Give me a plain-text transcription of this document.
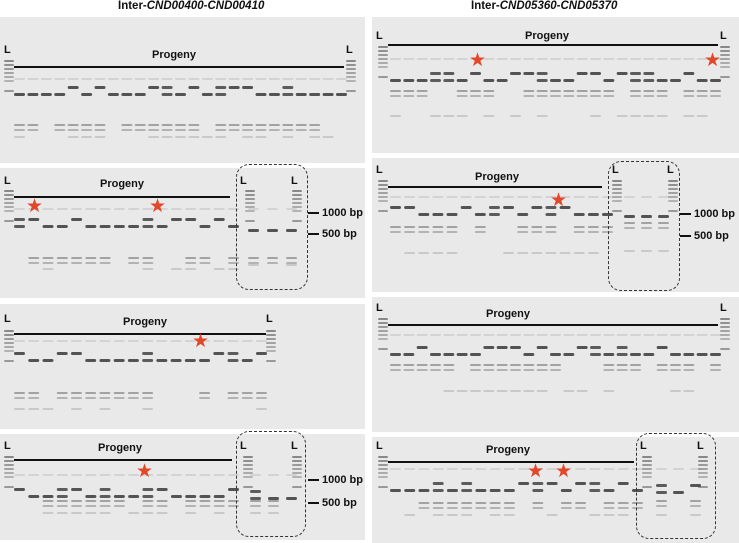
Inter-CND00400-CND00410	Inter-CND05360-CND05370
Progeny
Progeny
Progeny
Progeny
Progeny
Progeny
Progeny
Progeny
L	L
L	L	L
L	L
L	L	L
L	L
L	L	L
L	L
L	L	L
1000 bp
500 bp
1000 bp
500 bp
1000 bp
500 bp
★	★
★
★
★	★
★
★ ★
